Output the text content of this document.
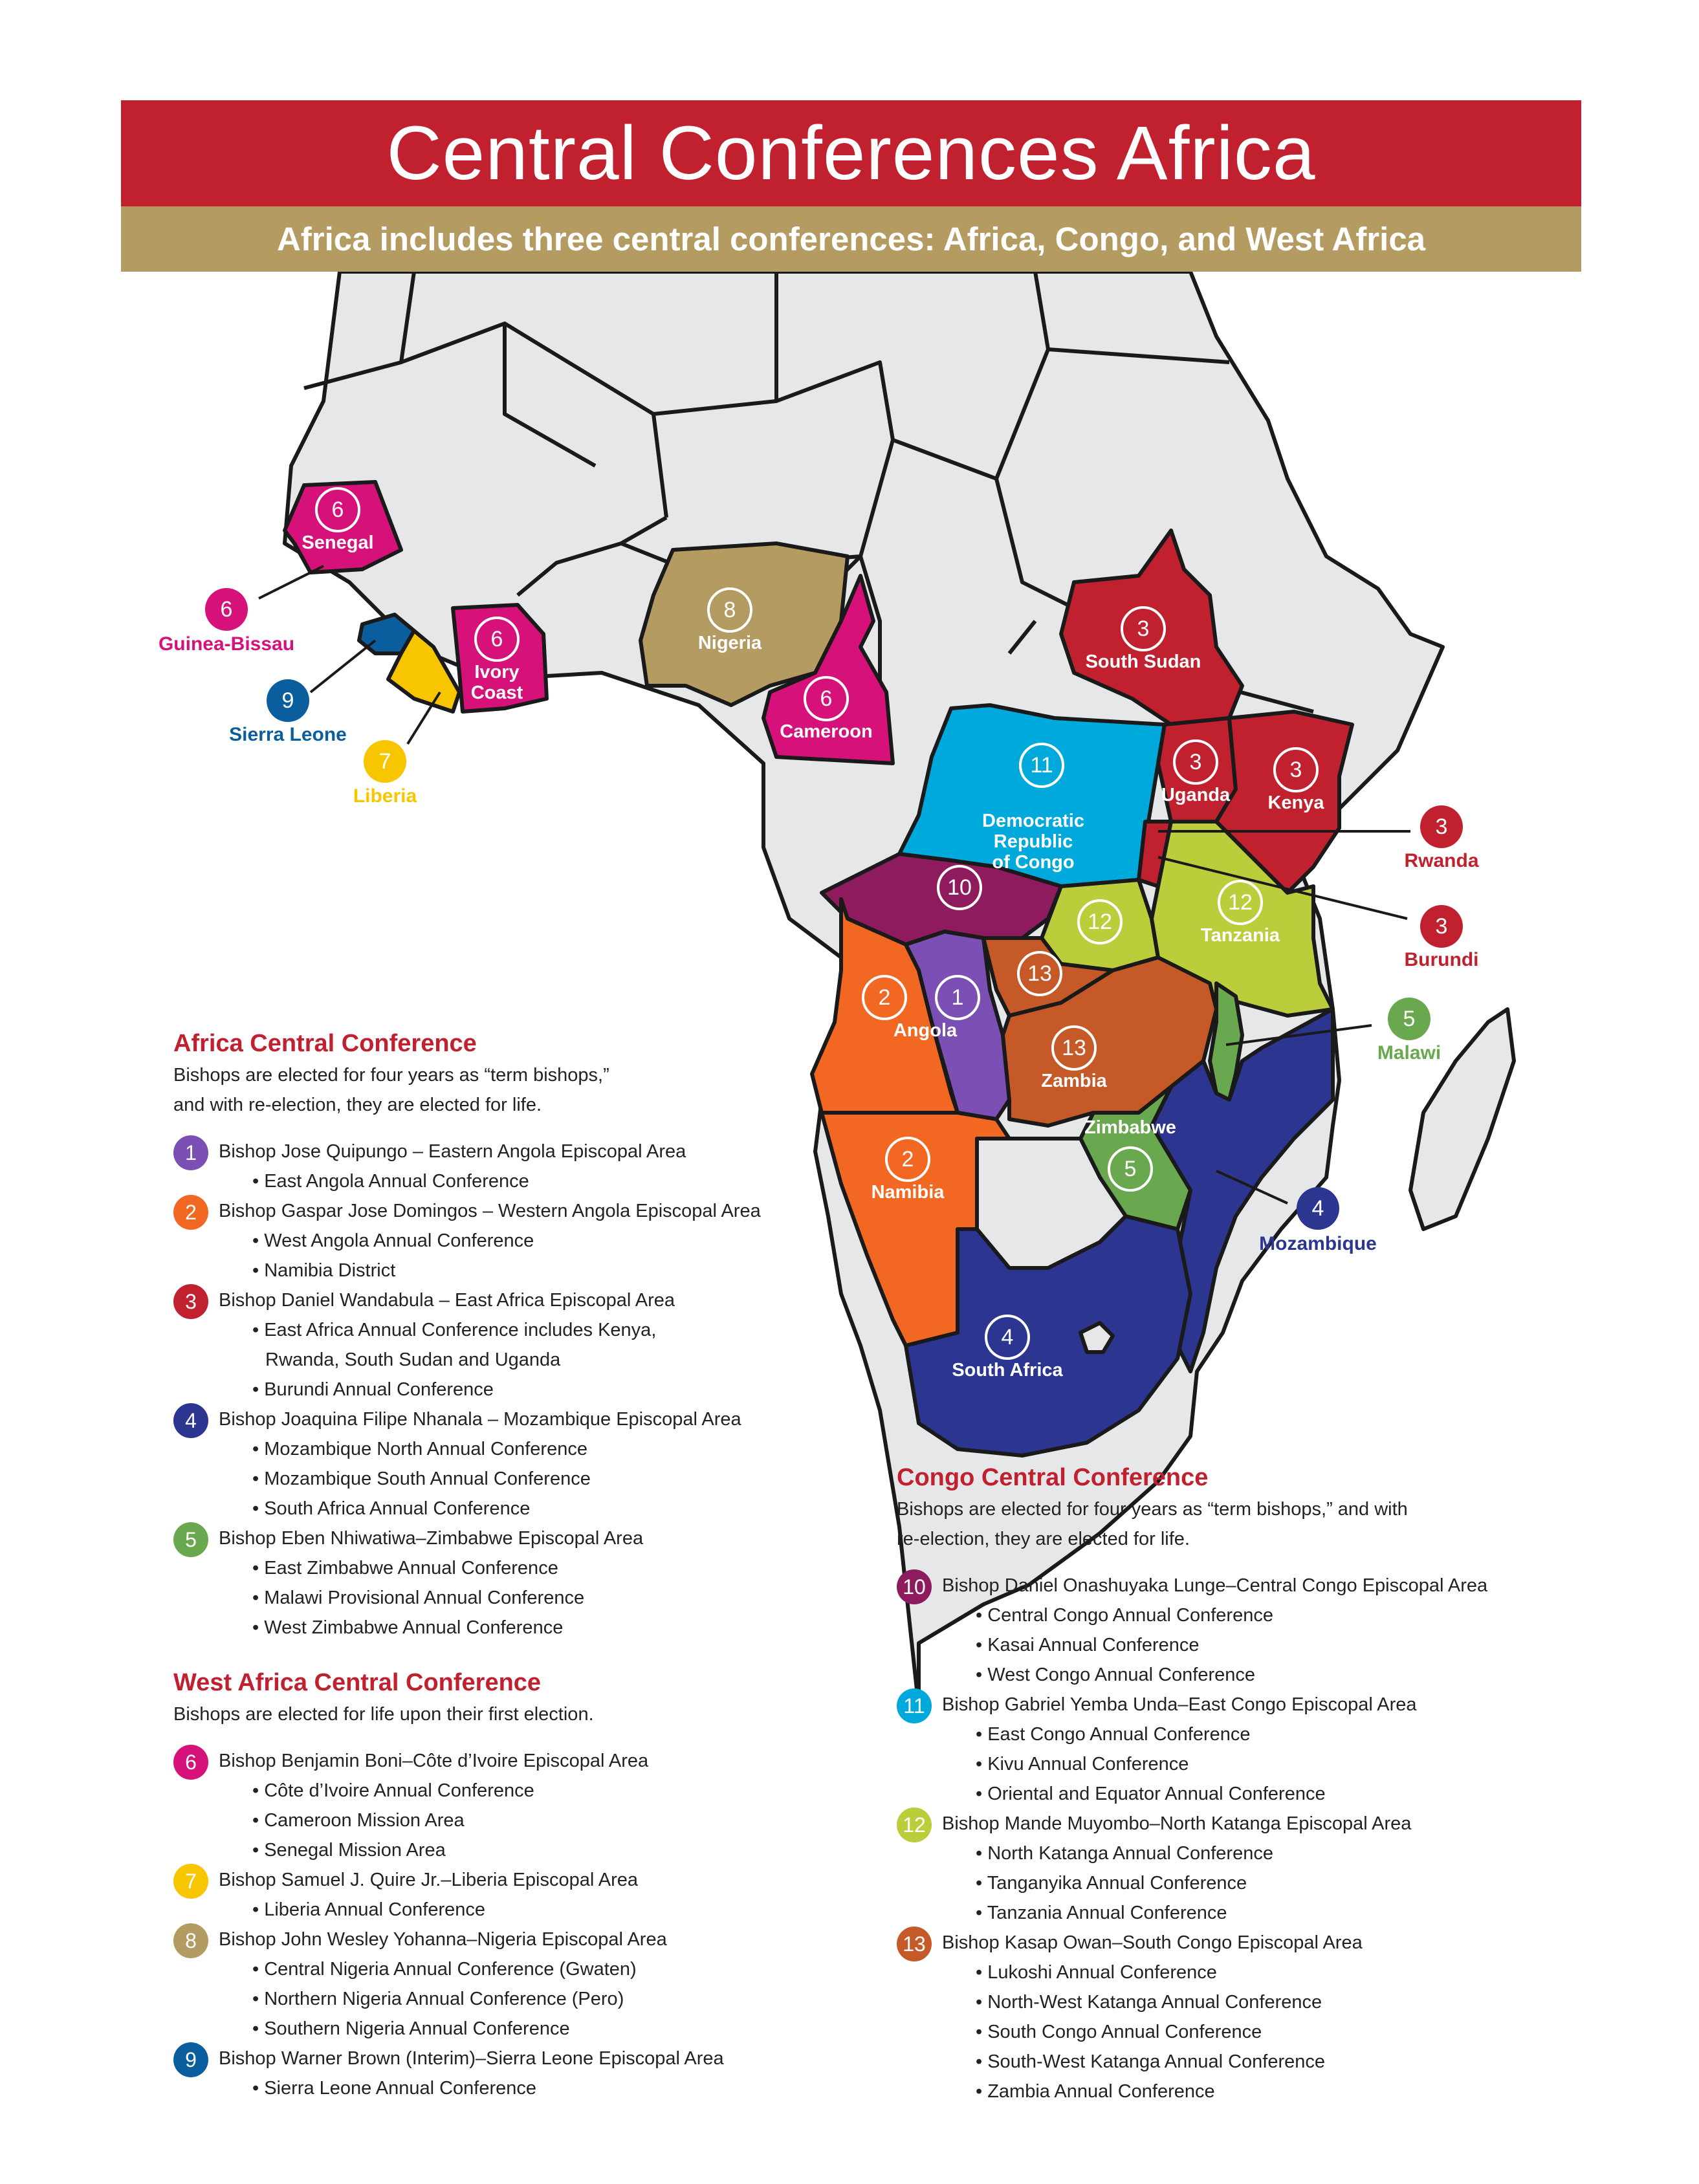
6
6
8
6
3
11	3	3
10
12
12
13
2	1
13
5
2
4
6
9
7
3
3
5
4
Senegal
Ivory
Coast
Nigeria
Cameroon
South Sudan
Democratic
Republic
of Congo
Uganda Kenya
Tanzania
Angola
Zambia
Zimbabwe
Namibia
South Africa
Guinea-Bissau
Sierra Leone
Liberia
Rwanda
Burundi
Malawi
Mozambique
Central Conferences Africa
Africa includes three central conferences: Africa, Congo, and West Africa
Africa Central Conference
Bishops are elected for four years as “term bishops,”
and with re-election, they are elected for life.
1	Bishop Jose Quipungo – Eastern Angola Episcopal Area
• East Angola Annual Conference
2	Bishop Gaspar Jose Domingos – Western Angola Episcopal Area
• West Angola Annual Conference
• Namibia District
3	Bishop Daniel Wandabula – East Africa Episcopal Area
• East Africa Annual Conference includes Kenya,
Rwanda, South Sudan and Uganda
• Burundi Annual Conference
4	Bishop Joaquina Filipe Nhanala – Mozambique Episcopal Area
• Mozambique North Annual Conference
• Mozambique South Annual Conference
• South Africa Annual Conference
5	Bishop Eben Nhiwatiwa–Zimbabwe Episcopal Area
• East Zimbabwe Annual Conference
• Malawi Provisional Annual Conference
• West Zimbabwe Annual Conference
West Africa Central Conference
Bishops are elected for life upon their first election.
6	Bishop Benjamin Boni–Côte d’Ivoire Episcopal Area
• Côte d’Ivoire Annual Conference
• Cameroon Mission Area
• Senegal Mission Area
7	Bishop Samuel J. Quire Jr.–Liberia Episcopal Area
• Liberia Annual Conference
8	Bishop John Wesley Yohanna–Nigeria Episcopal Area
• Central Nigeria Annual Conference (Gwaten)
• Northern Nigeria Annual Conference (Pero)
• Southern Nigeria Annual Conference
9	Bishop Warner Brown (Interim)–Sierra Leone Episcopal Area
• Sierra Leone Annual Conference
Congo Central Conference
Bishops are elected for four years as “term bishops,” and with
re-election, they are elected for life.
10 Bishop Daniel Onashuyaka Lunge–Central Congo Episcopal Area
• Central Congo Annual Conference
• Kasai Annual Conference
• West Congo Annual Conference
11 Bishop Gabriel Yemba Unda–East Congo Episcopal Area
• East Congo Annual Conference
• Kivu Annual Conference
• Oriental and Equator Annual Conference
12 Bishop Mande Muyombo–North Katanga Episcopal Area
• North Katanga Annual Conference
• Tanganyika Annual Conference
• Tanzania Annual Conference
13 Bishop Kasap Owan–South Congo Episcopal Area
• Lukoshi Annual Conference
• North-West Katanga Annual Conference
• South Congo Annual Conference
• South-West Katanga Annual Conference
• Zambia Annual Conference
